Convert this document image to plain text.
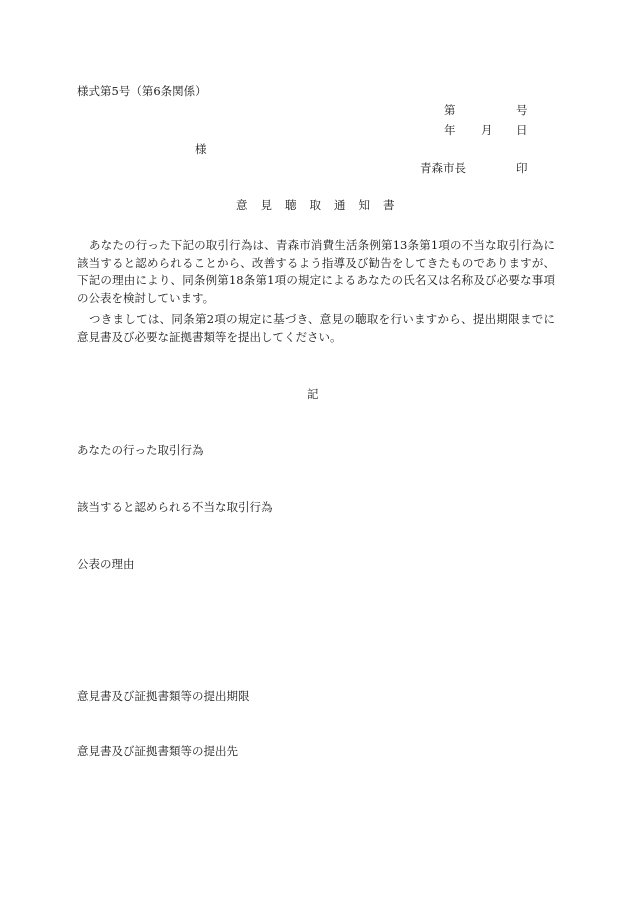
様式第5号（第6条関係）
第	号
年 月 日
様
青森市長	印
意見聴取通知書

あなたの行った下記の取引行為は、青森市消費生活条例第13条第1項の不当な取引行為に該当すると認められることから、改善するよう指導及び勧告をしてきたものでありますが、下記の理由により、同条例第18条第1項の規定によるあなたの氏名又は名称及び必要な事項の公表を検討しています。

つきましては、同条第2項の規定に基づき、意見の聴取を行いますから、提出期限までに意見書及び必要な証拠書類等を提出してください。

記
あなたの行った取引行為
該当すると認められる不当な取引行為
公表の理由
意見書及び証拠書類等の提出期限
意見書及び証拠書類等の提出先
